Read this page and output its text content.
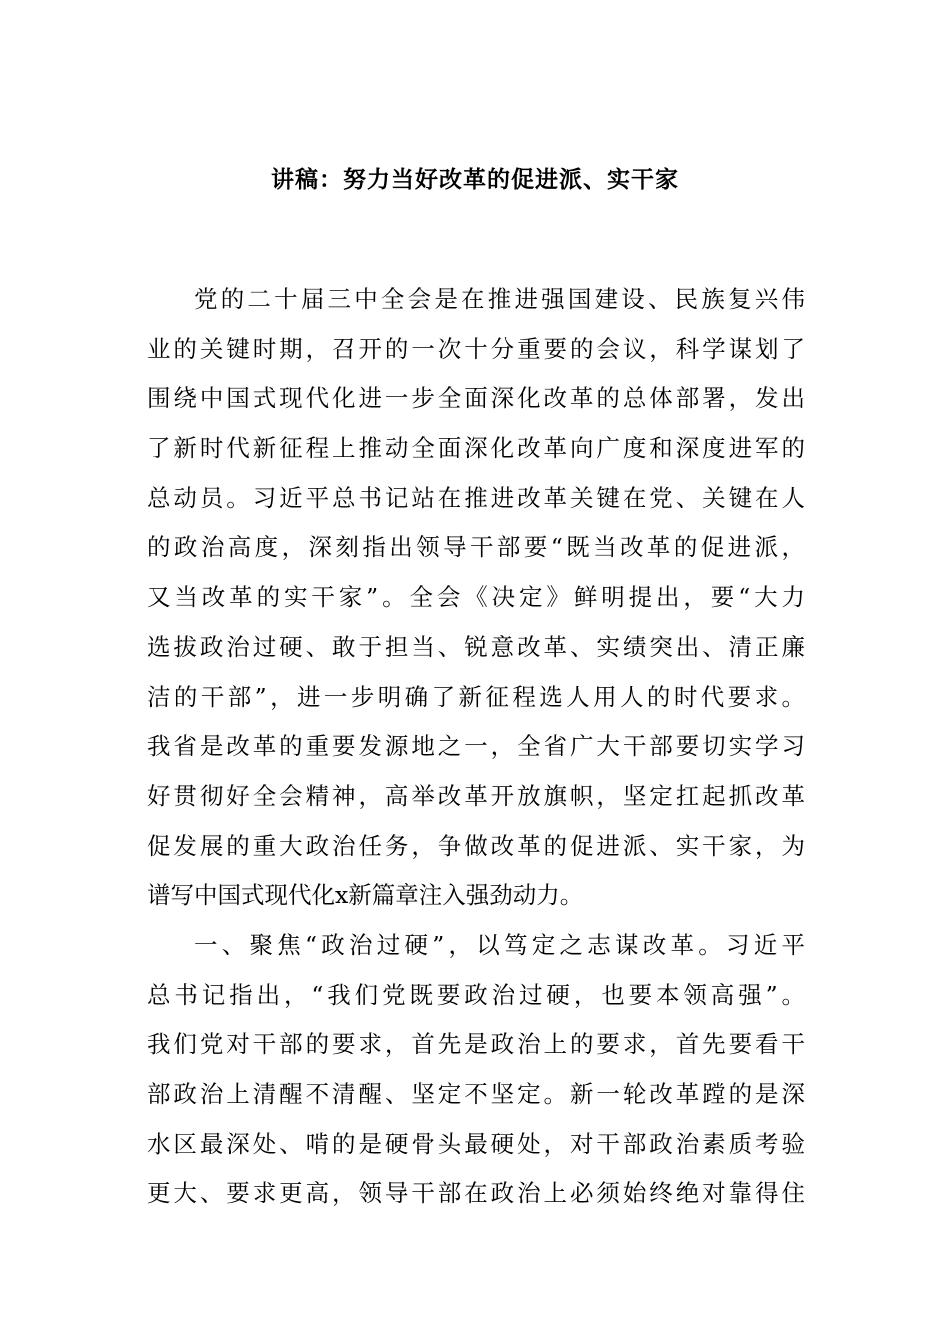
讲稿：努力当好改革的促进派、实干家
党的二十届三中全会是在推进强国建设、民族复兴伟
业的关键时期，召开的一次十分重要的会议，科学谋划了
围绕中国式现代化进一步全面深化改革的总体部署，发出
了新时代新征程上推动全面深化改革向广度和深度进军的
总动员。习近平总书记站在推进改革关键在党、关键在人
的政治高度，深刻指出领导干部要“既当改革的促进派，
又当改革的实干家”。全会《决定》鲜明提出，要“大力
选拔政治过硬、敢于担当、锐意改革、实绩突出、清正廉
洁的干部”，进一步明确了新征程选人用人的时代要求。
我省是改革的重要发源地之一，全省广大干部要切实学习
好贯彻好全会精神，高举改革开放旗帜，坚定扛起抓改革
促发展的重大政治任务，争做改革的促进派、实干家，为
谱写中国式现代化x新篇章注入强劲动力。
一、聚焦“政治过硬”，以笃定之志谋改革。习近平
总书记指出，“我们党既要政治过硬，也要本领高强”。
我们党对干部的要求，首先是政治上的要求，首先要看干
部政治上清醒不清醒、坚定不坚定。新一轮改革蹚的是深
水区最深处、啃的是硬骨头最硬处，对干部政治素质考验
更大、要求更高，领导干部在政治上必须始终绝对靠得住
